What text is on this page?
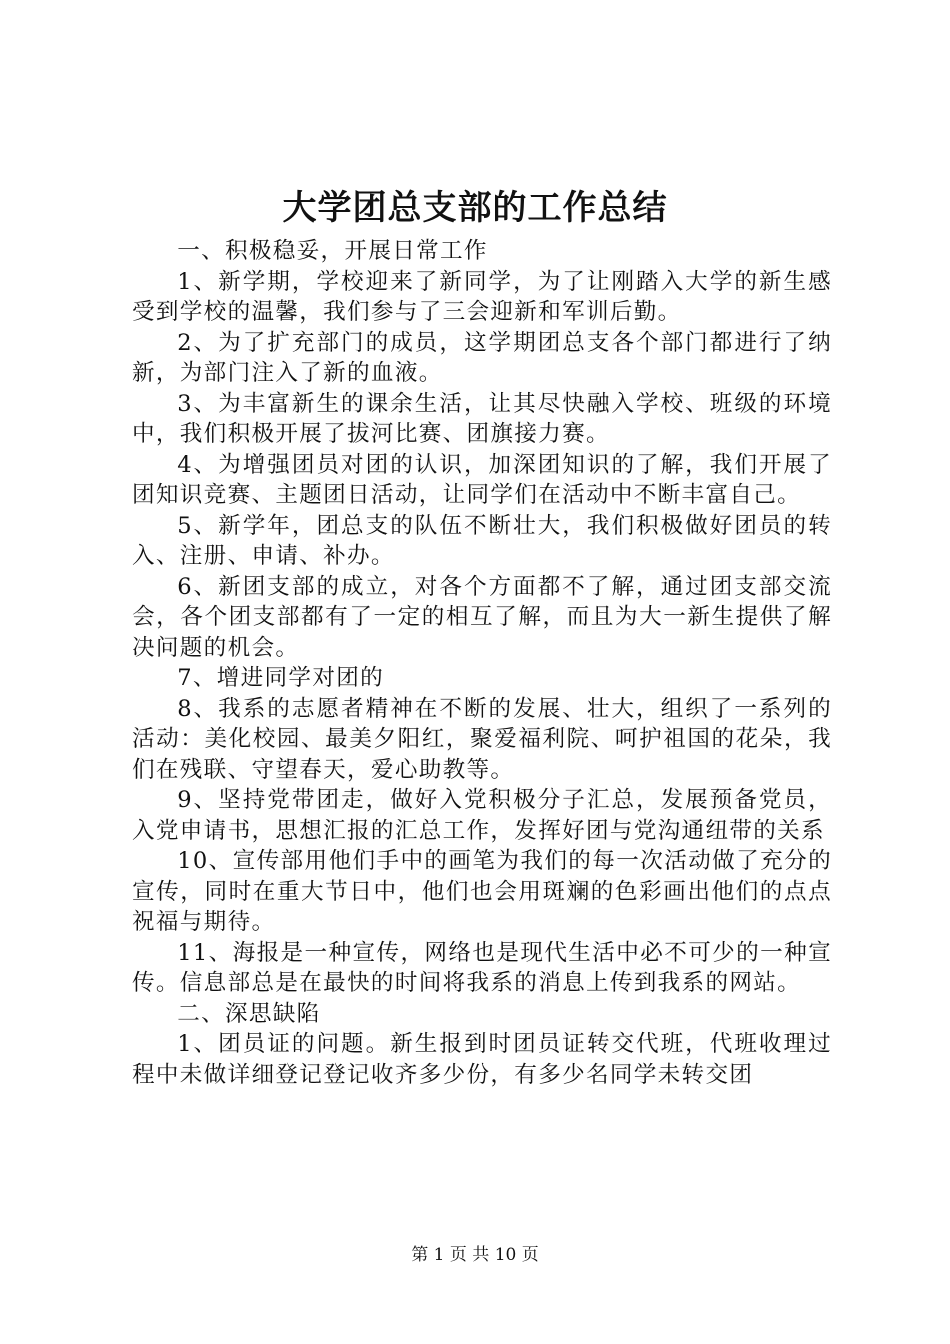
大学团总支部的工作总结

一、积极稳妥，开展日常工作

1、新学期，学校迎来了新同学，为了让刚踏入大学的新生感受到学校的温馨，我们参与了三会迎新和军训后勤。

2、为了扩充部门的成员，这学期团总支各个部门都进行了纳新，为部门注入了新的血液。

3、为丰富新生的课余生活，让其尽快融入学校、班级的环境中，我们积极开展了拔河比赛、团旗接力赛。

4、为增强团员对团的认识，加深团知识的了解，我们开展了团知识竞赛、主题团日活动，让同学们在活动中不断丰富自己。

5、新学年，团总支的队伍不断壮大，我们积极做好团员的转入、注册、申请、补办。

6、新团支部的成立，对各个方面都不了解，通过团支部交流会，各个团支部都有了一定的相互了解，而且为大一新生提供了解决问题的机会。

7、增进同学对团的

8、我系的志愿者精神在不断的发展、壮大，组织了一系列的活动：美化校园、最美夕阳红，聚爱福利院、呵护祖国的花朵，我们在残联、守望春天，爱心助教等。

9、坚持党带团走，做好入党积极分子汇总，发展预备党员，入党申请书，思想汇报的汇总工作，发挥好团与党沟通纽带的关系

10、宣传部用他们手中的画笔为我们的每一次活动做了充分的宣传，同时在重大节日中，他们也会用斑斓的色彩画出他们的点点祝福与期待。

11、海报是一种宣传，网络也是现代生活中必不可少的一种宣传。信息部总是在最快的时间将我系的消息上传到我系的网站。

二、深思缺陷

1、团员证的问题。新生报到时团员证转交代班，代班收理过程中未做详细登记登记收齐多少份，有多少名同学未转交团

第 1 页 共 10 页
